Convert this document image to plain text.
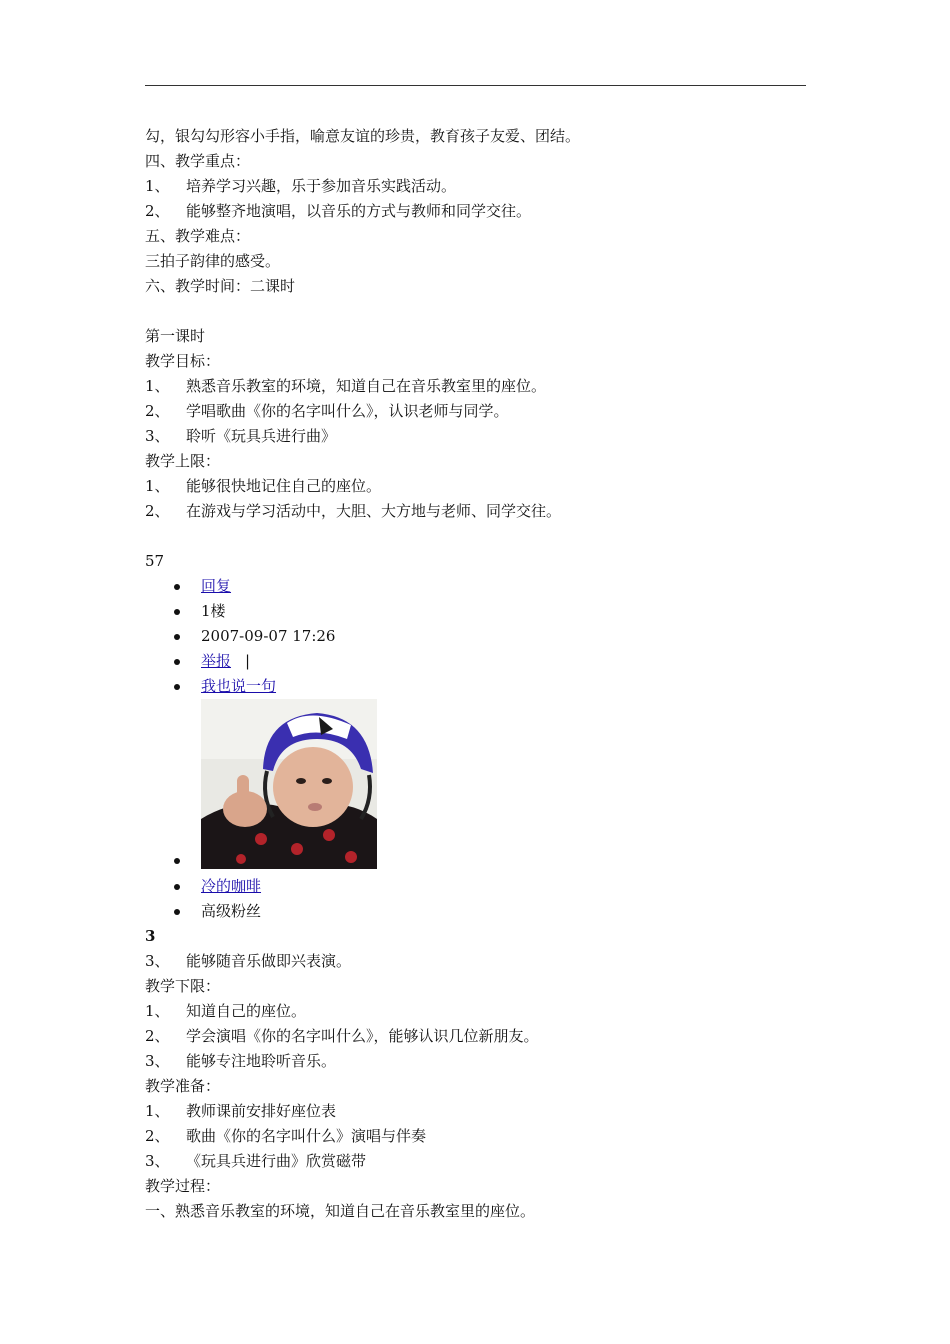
勾，银勾勾形容小手指，喻意友谊的珍贵，教育孩子友爱、团结。
四、教学重点：
1、 培养学习兴趣，乐于参加音乐实践活动。
2、 能够整齐地演唱，以音乐的方式与教师和同学交往。
五、教学难点：
三拍子韵律的感受。
六、教学时间：二课时
第一课时
教学目标：
1、 熟悉音乐教室的环境，知道自己在音乐教室里的座位。
2、 学唱歌曲《你的名字叫什么》，认识老师与同学。
3、 聆听《玩具兵进行曲》
教学上限：
1、 能够很快地记住自己的座位。
2、 在游戏与学习活动中，大胆、大方地与老师、同学交往。
57
回复
1楼
2007-09-07 17:26
举报 |
我也说一句
冷的咖啡
高级粉丝
3
3、 能够随音乐做即兴表演。
教学下限：
1、 知道自己的座位。
2、 学会演唱《你的名字叫什么》，能够认识几位新朋友。
3、 能够专注地聆听音乐。
教学准备：
1、 教师课前安排好座位表
2、 歌曲《你的名字叫什么》演唱与伴奏
3、 《玩具兵进行曲》欣赏磁带
教学过程：
一、熟悉音乐教室的环境，知道自己在音乐教室里的座位。
